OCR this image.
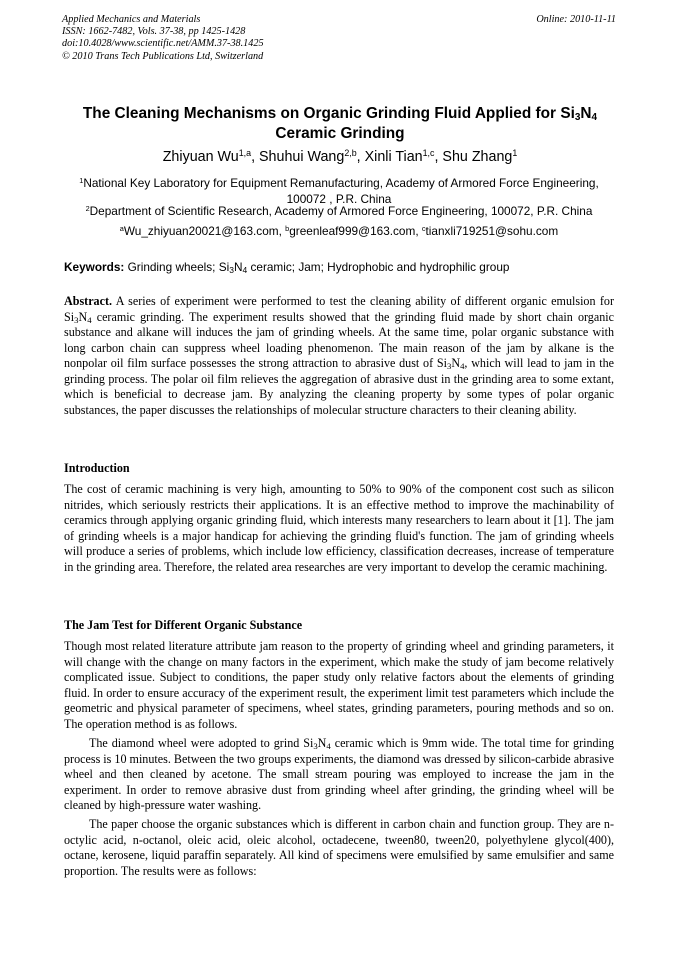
Applied Mechanics and Materials
ISSN: 1662-7482, Vols. 37-38, pp 1425-1428
doi:10.4028/www.scientific.net/AMM.37-38.1425
© 2010 Trans Tech Publications Ltd, Switzerland
Online: 2010-11-11
The Cleaning Mechanisms on Organic Grinding Fluid Applied for $Si_3N_4$
Ceramic Grinding
Zhiyuan Wu$^{1,a}$, Shuhui Wang$^{2,b}$, Xinli Tian$^{1,c}$, Shu Zhang$^1$
$^1$National Key Laboratory for Equipment Remanufacturing, Academy of Armored Force Engineering,
100072 , P.R. China
$^2$Department of Scientific Research, Academy of Armored Force Engineering, 100072, P.R. China
$^a$Wu_zhiyuan20021@163.com, $^b$greenleaf999@163.com, $^c$tianxli719251@sohu.com
Keywords: Grinding wheels; $Si_3N_4$ ceramic; Jam; Hydrophobic and hydrophilic group
Abstract. A series of experiment were performed to test the cleaning ability of different organic emulsion for $Si_3N_4$ ceramic grinding. The experiment results showed that the grinding fluid made by short chain organic substance and alkane will induces the jam of grinding wheels. At the same time, polar organic substance with long carbon chain can suppress wheel loading phenomenon. The main reason of the jam by alkane is the nonpolar oil film surface possesses the strong attraction to abrasive dust of $Si_3N_4$, which will lead to jam in the grinding process. The polar oil film relieves the aggregation of abrasive dust in the grinding area to some extant, which is beneficial to decrease jam. By analyzing the cleaning property by some types of polar organic substances, the paper discusses the relationships of molecular structure characters to their cleaning ability.
Introduction
The cost of ceramic machining is very high, amounting to 50% to 90% of the component cost such as silicon nitrides, which seriously restricts their applications. It is an effective method to improve the machinability of ceramics through applying organic grinding fluid, which interests many researchers to learn about it [1]. The jam of grinding wheels is a major handicap for achieving the grinding fluid's function. The jam of grinding wheels will produce a series of problems, which include low efficiency, classification decreases, increase of temperature in the grinding area. Therefore, the related area researches are very important to develop the ceramic machining.
The Jam Test for Different Organic Substance
Though most related literature attribute jam reason to the property of grinding wheel and grinding parameters, it will change with the change on many factors in the experiment, which make the study of jam become relatively complicated issue. Subject to conditions, the paper study only relative factors about the elements of grinding fluid. In order to ensure accuracy of the experiment result, the experiment limit test parameters which include the geometric and physical parameter of specimens, wheel states, grinding parameters, pouring methods and so on. The operation method is as follows.
The diamond wheel were adopted to grind $Si_3N_4$ ceramic which is 9mm wide. The total time for grinding process is 10 minutes. Between the two groups experiments, the diamond was dressed by silicon-carbide abrasive wheel and then cleaned by acetone. The small stream pouring was employed to increase the jam in the experiment. In order to remove abrasive dust from grinding wheel after grinding, the grinding wheel will be cleaned by high-pressure water washing.
The paper choose the organic substances which is different in carbon chain and function group. They are n-octylic acid, n-octanol, oleic acid, oleic alcohol, octadecene, tween80, tween20, polyethylene glycol(400), octane, kerosene, liquid paraffin separately. All kind of specimens were emulsified by same emulsifier and same proportion. The results were as follows:
